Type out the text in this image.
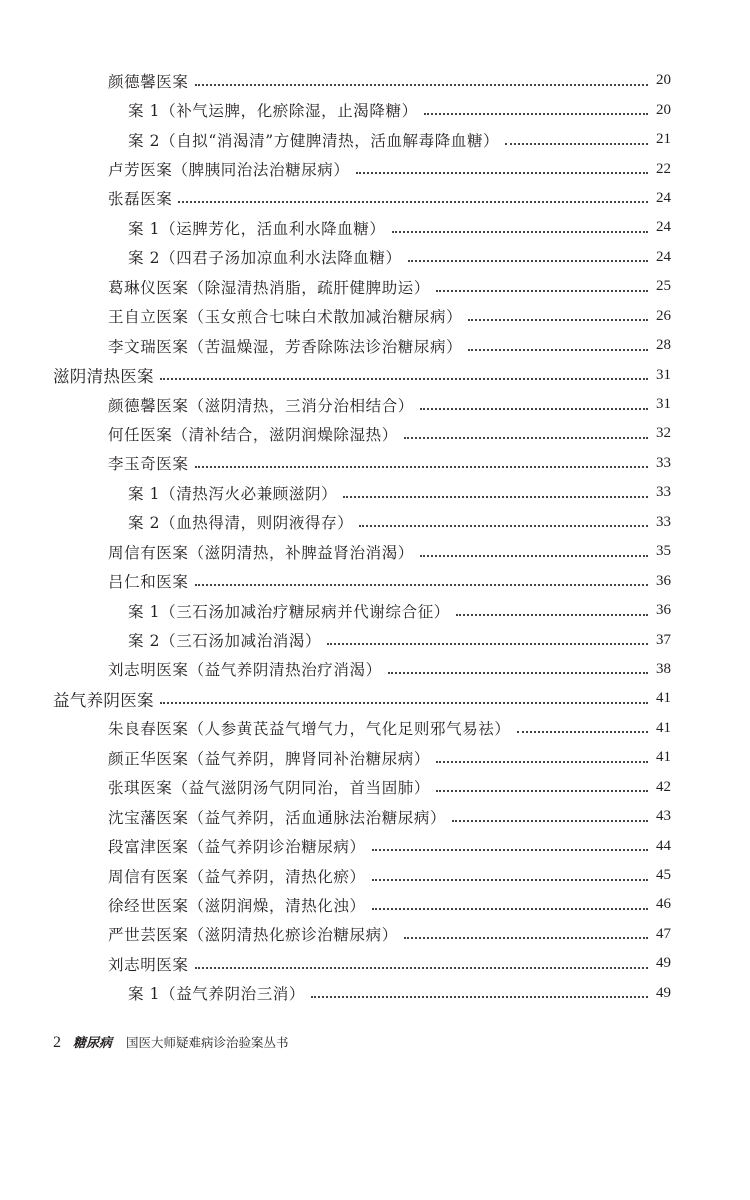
颜德馨医案	20
案 1（补气运脾，化瘀除湿，止渴降糖）	20
案 2（自拟“消渴清”方健脾清热，活血解毒降血糖）	21
卢芳医案（脾胰同治法治糖尿病）	22
张磊医案	24
案 1（运脾芳化，活血利水降血糖）	24
案 2（四君子汤加凉血利水法降血糖）	24
葛琳仪医案（除湿清热消脂，疏肝健脾助运）	25
王自立医案（玉女煎合七味白术散加减治糖尿病）	26
李文瑞医案（苦温燥湿，芳香除陈法诊治糖尿病）	28
滋阴清热医案	31
颜德馨医案（滋阴清热，三消分治相结合）	31
何任医案（清补结合，滋阴润燥除湿热）	32
李玉奇医案	33
案 1（清热泻火必兼顾滋阴）	33
案 2（血热得清，则阴液得存）	33
周信有医案（滋阴清热，补脾益肾治消渴）	35
吕仁和医案	36
案 1（三石汤加减治疗糖尿病并代谢综合征）	36
案 2（三石汤加减治消渴）	37
刘志明医案（益气养阴清热治疗消渴）	38
益气养阴医案	41
朱良春医案（人参黄芪益气增气力，气化足则邪气易祛）	41
颜正华医案（益气养阴，脾肾同补治糖尿病）	41
张琪医案（益气滋阴汤气阴同治，首当固肺）	42
沈宝藩医案（益气养阴，活血通脉法治糖尿病）	43
段富津医案（益气养阴诊治糖尿病）	44
周信有医案（益气养阴，清热化瘀）	45
徐经世医案（滋阴润燥，清热化浊）	46
严世芸医案（滋阴清热化瘀诊治糖尿病）	47
刘志明医案	49
案 1（益气养阴治三消）	49
2 糖尿病 国医大师疑难病诊治验案丛书
